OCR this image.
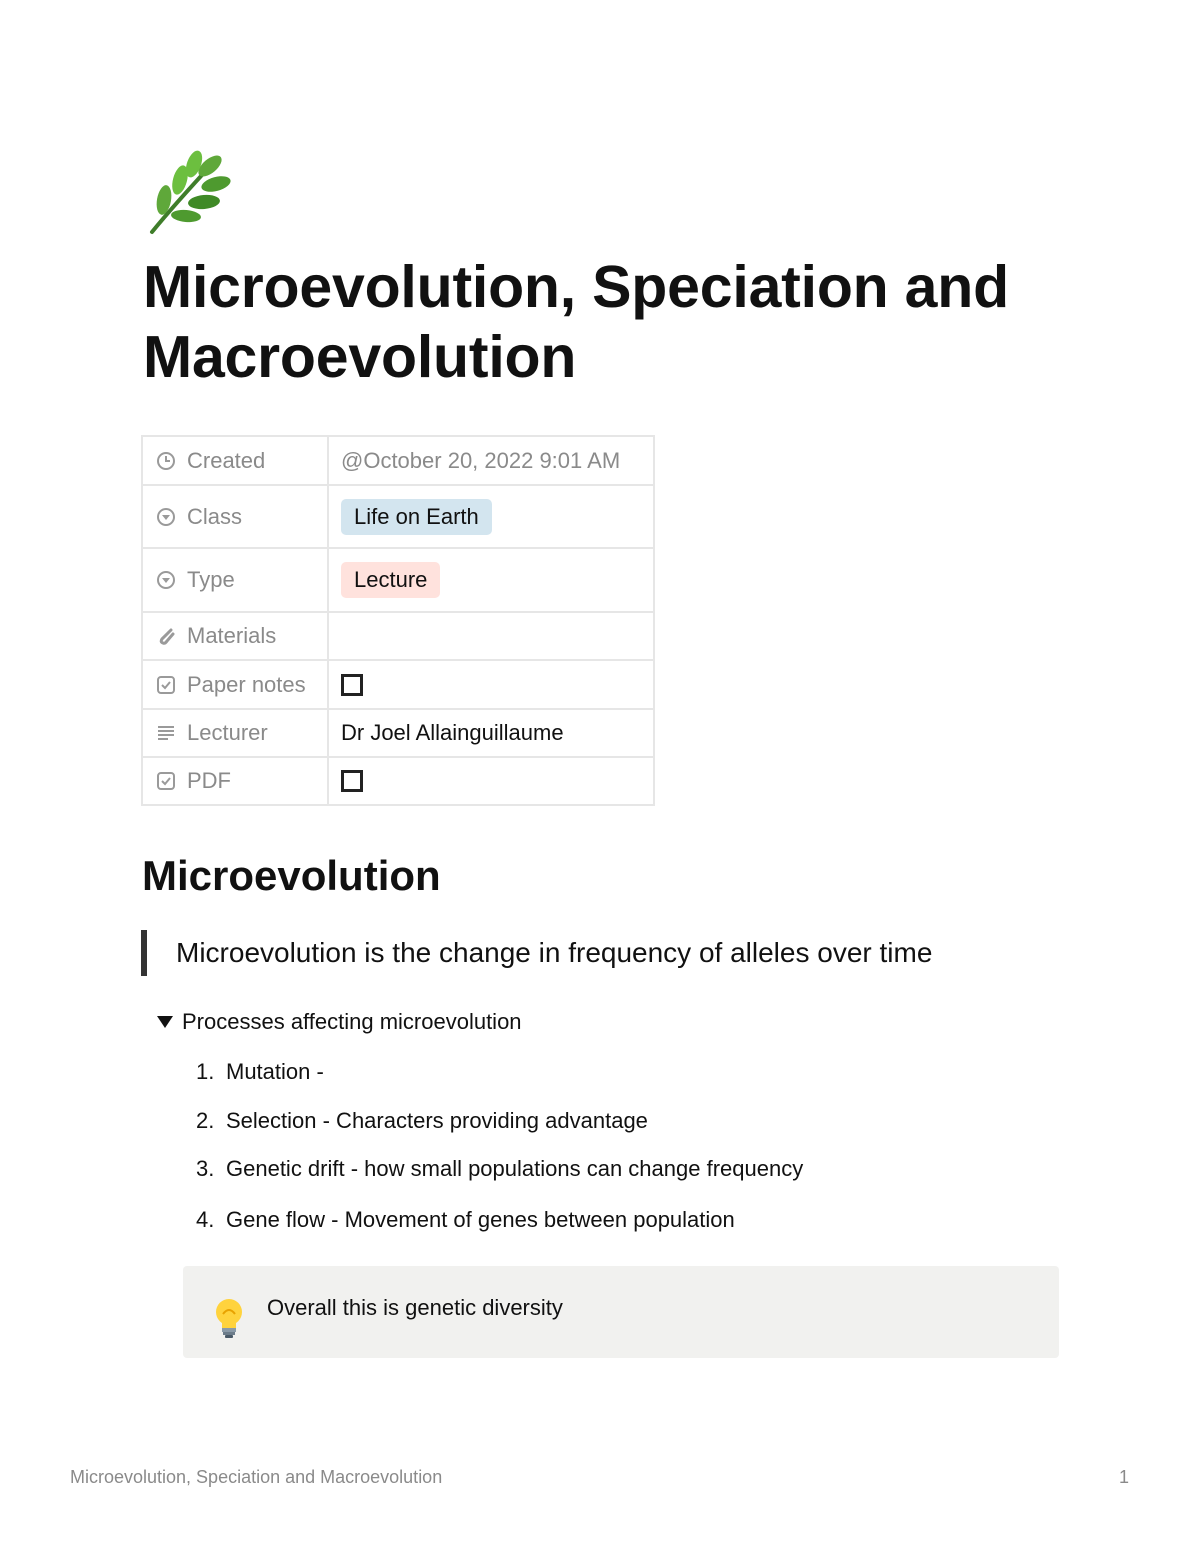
Microevolution, Speciation and Macroevolution
Created	@October 20, 2022 9:01 AM

Class	Life on Earth

Type	Lecture

Materials	

Paper notes	

Lecturer	Dr Joel Allainguillaume

PDF	

Microevolution
Microevolution is the change in frequency of alleles over time
Processes affecting microevolution
1. Mutation -
2. Selection - Characters providing advantage
3. Genetic drift - how small populations can change frequency
4. Gene flow - Movement of genes between population
Overall this is genetic diversity
Microevolution, Speciation and Macroevolution	1
